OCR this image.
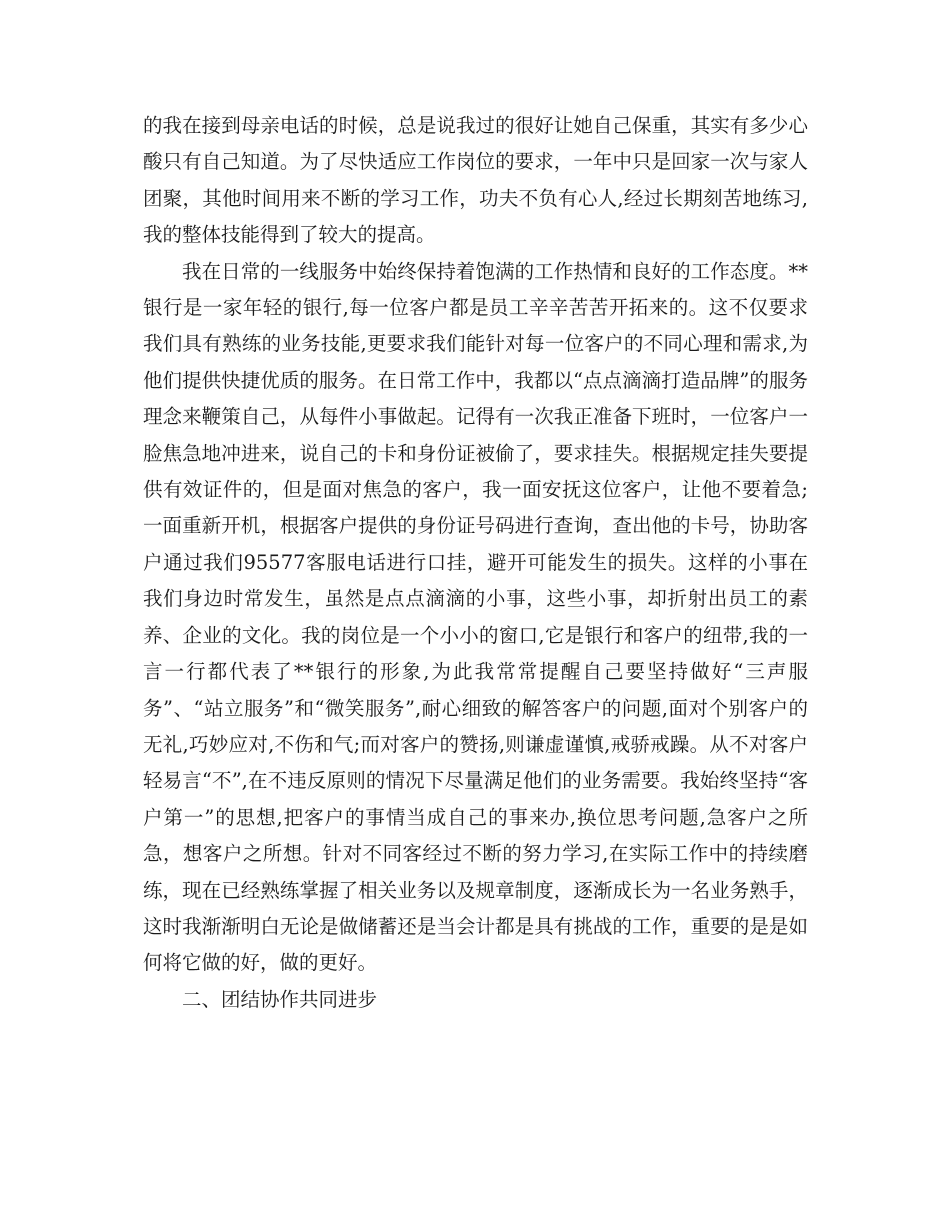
的我在接到母亲电话的时候，总是说我过的很好让她自己保重，其实有多少心酸只有自己知道。为了尽快适应工作岗位的要求，一年中只是回家一次与家人团聚，其他时间用来不断的学习工作，功夫不负有心人,经过长期刻苦地练习,我的整体技能得到了较大的提高。

我在日常的一线服务中始终保持着饱满的工作热情和良好的工作态度。**银行是一家年轻的银行,每一位客户都是员工辛辛苦苦开拓来的。这不仅要求我们具有熟练的业务技能,更要求我们能针对每一位客户的不同心理和需求,为他们提供快捷优质的服务。在日常工作中，我都以“点点滴滴打造品牌”的服务理念来鞭策自己，从每件小事做起。记得有一次我正准备下班时，一位客户一脸焦急地冲进来，说自己的卡和身份证被偷了，要求挂失。根据规定挂失要提供有效证件的，但是面对焦急的客户，我一面安抚这位客户，让他不要着急;一面重新开机，根据客户提供的身份证号码进行查询，查出他的卡号，协助客户通过我们95577客服电话进行口挂，避开可能发生的损失。这样的小事在我们身边时常发生，虽然是点点滴滴的小事，这些小事，却折射出员工的素养、企业的文化。我的岗位是一个小小的窗口,它是银行和客户的纽带,我的一言一行都代表了**银行的形象,为此我常常提醒自己要坚持做好“三声服务”、“站立服务”和“微笑服务”,耐心细致的解答客户的问题,面对个别客户的无礼,巧妙应对,不伤和气;而对客户的赞扬,则谦虚谨慎,戒骄戒躁。从不对客户轻易言“不”,在不违反原则的情况下尽量满足他们的业务需要。我始终坚持“客户第一”的思想,把客户的事情当成自己的事来办,换位思考问题,急客户之所急，想客户之所想。针对不同客经过不断的努力学习,在实际工作中的持续磨练，现在已经熟练掌握了相关业务以及规章制度，逐渐成长为一名业务熟手，这时我渐渐明白无论是做储蓄还是当会计都是具有挑战的工作，重要的是是如何将它做的好，做的更好。

二、团结协作共同进步
